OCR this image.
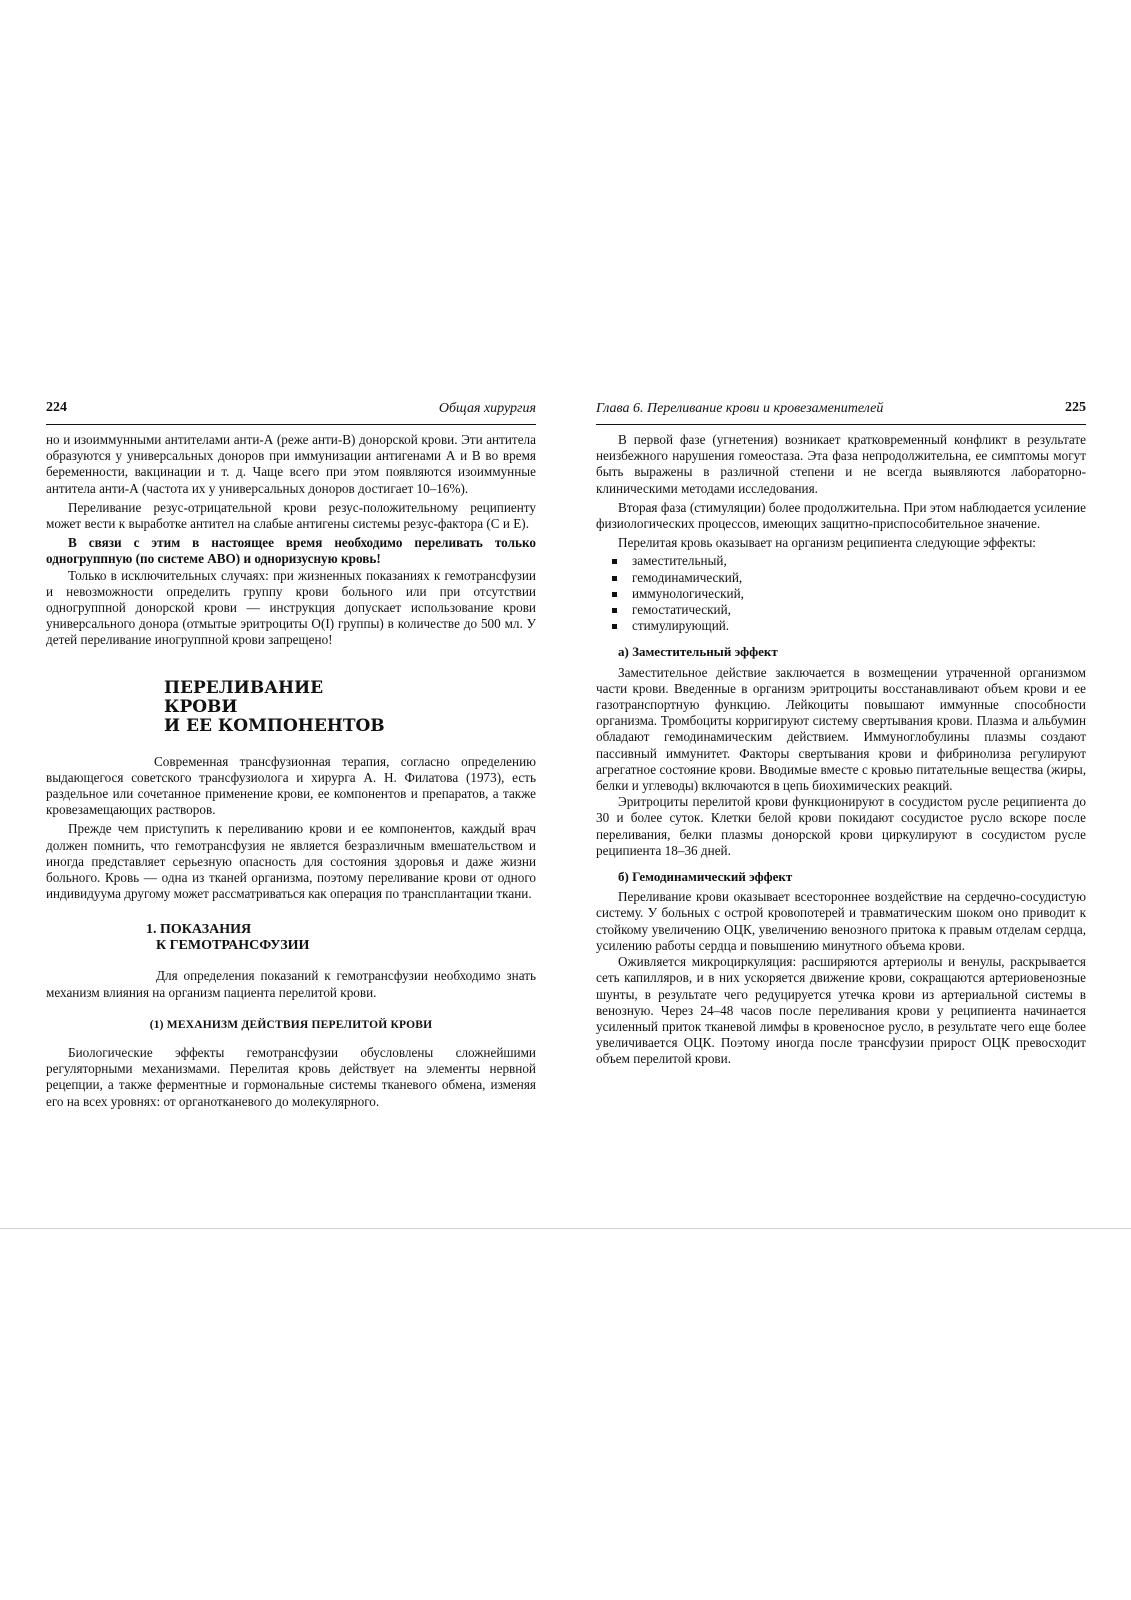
224	Общая хирургия

но и изоиммунными антителами анти-А (реже анти-В) донорской крови. Эти антитела образуются у универсальных доноров при иммунизации антигенами А и В во время беременности, вакцинации и т. д. Чаще всего при этом появляются изоиммунные антитела анти-А (частота их у универсальных доноров достигает 10–16%).

Переливание резус-отрицательной крови резус-положительному реципиенту может вести к выработке антител на слабые антигены системы резус-фактора (С и Е).

В связи с этим в настоящее время необходимо переливать только одногруппную (по системе АВО) и одноризусную кровь!

Только в исключительных случаях: при жизненных показаниях к гемотрансфузии и невозможности определить группу крови больного или при отсутствии одногруппной донорской крови — инструкция допускает использование крови универсального донора (отмытые эритроциты O(I) группы) в количестве до 500 мл. У детей переливание иногруппной крови запрещено!

ПЕРЕЛИВАНИЕ
КРОВИ
И ЕЕ КОМПОНЕНТОВ

Современная трансфузионная терапия, согласно определению выдающегося советского трансфузиолога и хирурга А. Н. Филатова (1973), есть раздельное или сочетанное применение крови, ее компонентов и препаратов, а также кровезамещающих растворов.

Прежде чем приступить к переливанию крови и ее компонентов, каждый врач должен помнить, что гемотрансфузия не является безразличным вмешательством и иногда представляет серьезную опасность для состояния здоровья и даже жизни больного. Кровь — одна из тканей организма, поэтому переливание крови от одного индивидуума другому может рассматриваться как операция по трансплантации ткани.

1. ПОКАЗАНИЯ
К ГЕМОТРАНСФУЗИИ

Для определения показаний к гемотрансфузии необходимо знать механизм влияния на организм пациента перелитой крови.

(1) МЕХАНИЗМ ДЕЙСТВИЯ ПЕРЕЛИТОЙ КРОВИ

Биологические эффекты гемотрансфузии обусловлены сложнейшими регуляторными механизмами. Перелитая кровь действует на элементы нервной рецепции, а также ферментные и гормональные системы тканевого обмена, изменяя его на всех уровнях: от органотканевого до молекулярного.

Глава 6. Переливание крови и кровезаменителей	225

В первой фазе (угнетения) возникает кратковременный конфликт в результате неизбежного нарушения гомеостаза. Эта фаза непродолжительна, ее симптомы могут быть выражены в различной степени и не всегда выявляются лабораторно-клиническими методами исследования.

Вторая фаза (стимуляции) более продолжительна. При этом наблюдается усиление физиологических процессов, имеющих защитно-приспособительное значение.

Перелитая кровь оказывает на организм реципиента следующие эффекты:

заместительный,
гемодинамический,
иммунологический,
гемостатический,
стимулирующий.
а) Заместительный эффект

Заместительное действие заключается в возмещении утраченной организмом части крови. Введенные в организм эритроциты восстанавливают объем крови и ее газотранспортную функцию. Лейкоциты повышают иммунные способности организма. Тромбоциты корригируют систему свертывания крови. Плазма и альбумин обладают гемодинамическим действием. Иммуноглобулины плазмы создают пассивный иммунитет. Факторы свертывания крови и фибринолиза регулируют агрегатное состояние крови. Вводимые вместе с кровью питательные вещества (жиры, белки и углеводы) включаются в цепь биохимических реакций.

Эритроциты перелитой крови функционируют в сосудистом русле реципиента до 30 и более суток. Клетки белой крови покидают сосудистое русло вскоре после переливания, белки плазмы донорской крови циркулируют в сосудистом русле реципиента 18–36 дней.

б) Гемодинамический эффект

Переливание крови оказывает всестороннее воздействие на сердечно-сосудистую систему. У больных с острой кровопотерей и травматическим шоком оно приводит к стойкому увеличению ОЦК, увеличению венозного притока к правым отделам сердца, усилению работы сердца и повышению минутного объема крови.

Оживляется микроциркуляция: расширяются артериолы и венулы, раскрывается сеть капилляров, и в них ускоряется движение крови, сокращаются артериовенозные шунты, в результате чего редуцируется утечка крови из артериальной системы в венозную. Через 24–48 часов после переливания крови у реципиента начинается усиленный приток тканевой лимфы в кровеносное русло, в результате чего еще более увеличивается ОЦК. Поэтому иногда после трансфузии прирост ОЦК превосходит объем перелитой крови.
